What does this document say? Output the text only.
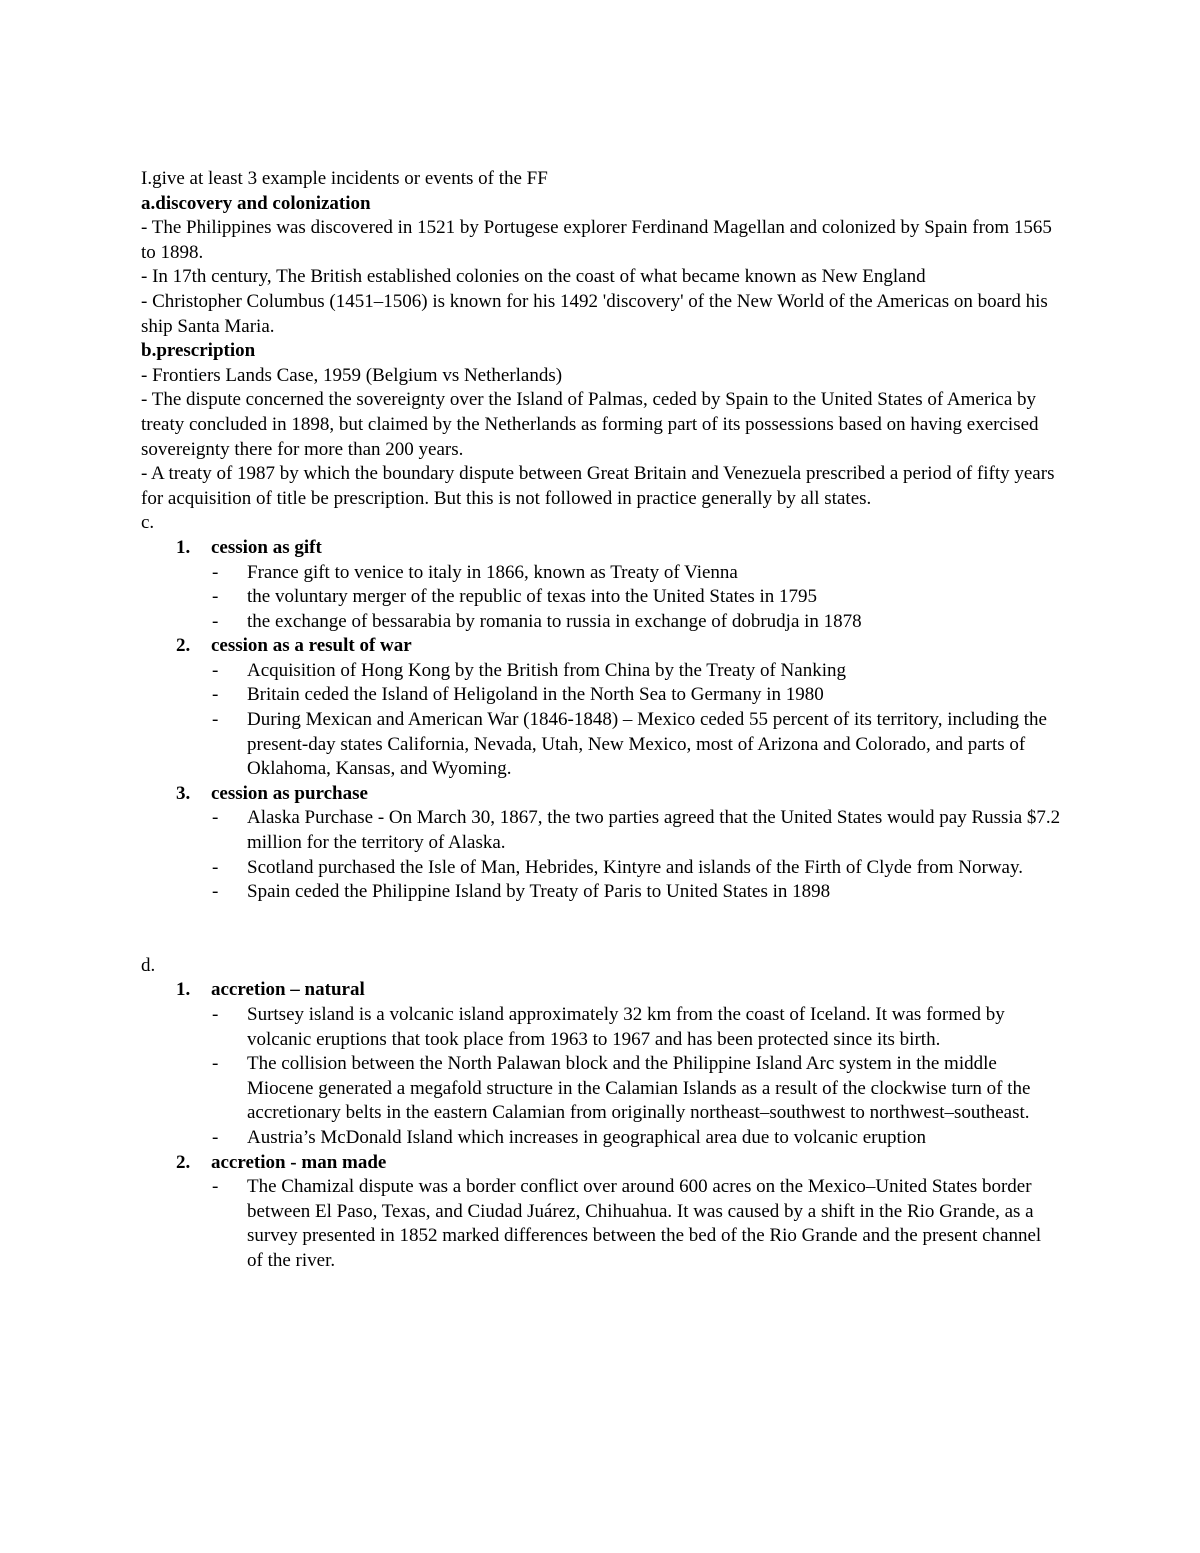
I.give at least 3 example incidents or events of the FF

a.discovery and colonization

- The Philippines was discovered in 1521 by Portugese explorer Ferdinand Magellan and colonized by Spain from 1565 to 1898.

- In 17th century, The British established colonies on the coast of what became known as New England

- Christopher Columbus (1451–1506) is known for his 1492 'discovery' of the New World of the Americas on board his ship Santa Maria.

b.prescription

- Frontiers Lands Case, 1959 (Belgium vs Netherlands)

- The dispute concerned the sovereignty over the Island of Palmas, ceded by Spain to the United States of America by treaty concluded in 1898, but claimed by the Netherlands as forming part of its possessions based on having exercised sovereignty there for more than 200 years.

- A treaty of 1987 by which the boundary dispute between Great Britain and Venezuela prescribed a period of fifty years for acquisition of title be prescription. But this is not followed in practice generally by all states.

c.

1. cession as gift
- France gift to venice to italy in 1866, known as Treaty of Vienna
- the voluntary merger of the republic of texas into the United States in 1795
- the exchange of bessarabia by romania to russia in exchange of dobrudja in 1878
2. cession as a result of war
- Acquisition of Hong Kong by the British from China by the Treaty of Nanking
- Britain ceded the Island of Heligoland in the North Sea to Germany in 1980
- During Mexican and American War (1846-1848) – Mexico ceded 55 percent of its territory, including the present-day states California, Nevada, Utah, New Mexico, most of Arizona and Colorado, and parts of Oklahoma, Kansas, and Wyoming.
3. cession as purchase
- Alaska Purchase - On March 30, 1867, the two parties agreed that the United States would pay Russia $7.2 million for the territory of Alaska.
- Scotland purchased the Isle of Man, Hebrides, Kintyre and islands of the Firth of Clyde from Norway.
- Spain ceded the Philippine Island by Treaty of Paris to United States in 1898

d.

1. accretion – natural
- Surtsey island is a volcanic island approximately 32 km from the coast of Iceland. It was formed by volcanic eruptions that took place from 1963 to 1967 and has been protected since its birth.
- The collision between the North Palawan block and the Philippine Island Arc system in the middle Miocene generated a megafold structure in the Calamian Islands as a result of the clockwise turn of the accretionary belts in the eastern Calamian from originally northeast–southwest to northwest–southeast.
- Austria’s McDonald Island which increases in geographical area due to volcanic eruption
2. accretion - man made
- The Chamizal dispute was a border conflict over around 600 acres on the Mexico–United States border between El Paso, Texas, and Ciudad Juárez, Chihuahua. It was caused by a shift in the Rio Grande, as a survey presented in 1852 marked differences between the bed of the Rio Grande and the present channel of the river.
